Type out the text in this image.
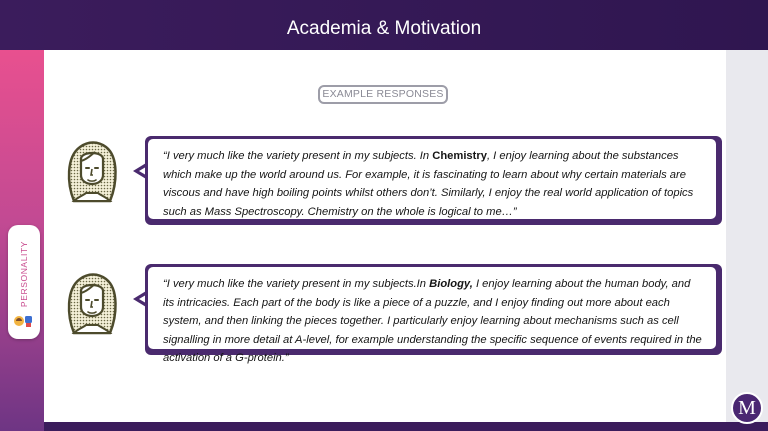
Academia & Motivation
PERSONALITY
EXAMPLE RESPONSES
“I very much like the variety present in my subjects. In Chemistry, I enjoy learning about the substances which make up the world around us. For example, it is fascinating to learn about why certain materials are viscous and have high boiling points whilst others don’t. Similarly, I enjoy the real world application of topics such as Mass Spectroscopy. Chemistry on the whole is logical to me…”
“I very much like the variety present in my subjects.In Biology, I enjoy learning about the human body, and its intricacies. Each part of the body is like a piece of a puzzle, and I enjoy finding out more about each system, and then linking the pieces together. I particularly enjoy learning about mechanisms such as cell signalling in more detail at A-level, for example understanding the specific sequence of events required in the activation of a G-protein.”
M
